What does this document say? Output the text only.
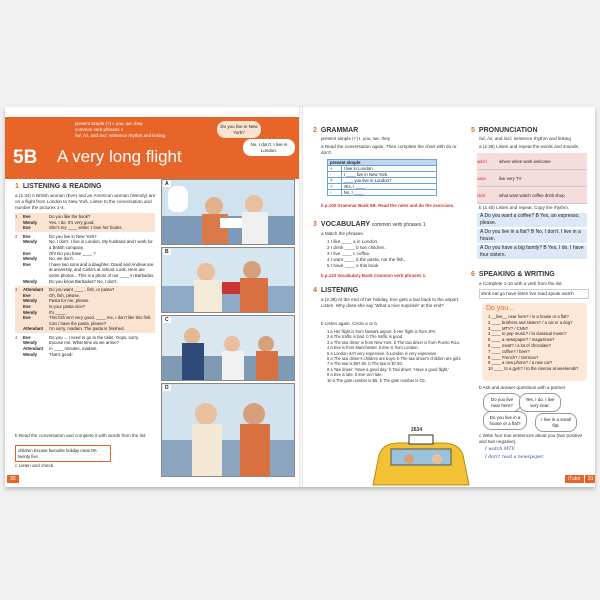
present simple (+) I, you, we, they
common verb phrases 1
/w/, /v/, and /ac/; sentence rhythm and linking
5B A very long flight
Do you live in New York?
No, I don't. I live in London.
1 LISTENING & READING
a (2.34) A British woman (Eve) and an American woman (Wendy) are on a flight from London to New York. Listen to the conversation and number the pictures 1-4.
1	Eve	Do you like the book?
Wendy	Yes, I do. It's very good.
Eve	She's my ____ writer. I love her books.
2	Eve	Do you live in New York?
Wendy	No, I don't. I live in London. My husband and I work for a British company.
Eve	Oh! Do you have ____ ?
Wendy	No, we don't.
Eve	I have two sons and a daughter. David and Andrew are at university, and Carla's at school. Look. Here are some photos... This is a photo of our ____ in Barbados.
Wendy	Do you know Barbados? No, I don't.
3	Attendant	Do you want ____ , fish, or pasta?
Eve	Oh, fish, please.
Wendy	Pasta for me, please.
Eve	Is your pasta nice?
Wendy	It's ____ .
Eve	This fish isn't very good. ____ me, I don't like this fish. Can I have the pasta, please?
Attendant	I'm sorry, madam. The pasta is finished.
4	Eve	Do you ... I need to go to the toilet. Oops, sorry.
Wendy	Excuse me. What time do we arrive?
Attendant	In ____ minutes, madam.
Wendy	That's good!
b Read the conversation and complete it with words from the list.
children Excuse favourite holiday meat OK twenty five
c Listen and check.
A
B
C
D
30
2 GRAMMAR
present simple (+) I, you, we, they
a Read the conversation again. Then complete the chart with do or don't.
present simple	
+	I live in London.
-	I ____ live in New York.
?	____ you live in London?
+	Yes, I ____ .
-	No, I ____ .
b p.100 Grammar Bank 5B. Read the rules and do the exercises.
3 VOCABULARY common verb phrases 1
a Match the phrases.
1 I like ____ a in London.
2 I drink ____ b two children.
3 I live ____ c coffee.
4 I want ____ d the pasta, not the fish.
5 I have ____ e this book.
b p.123 Vocabulary Bank Common verb phrases 1.
4 LISTENING
a (2.38) At the end of her holiday, Eve gets a taxi back to the airport. Listen. Why does she say 'What a nice surprise!' at the end?
b Listen again. Circle a or b.
1 a Her flight is from Newark airport. b Her flight is from JFK.
2 a The traffic is bad. b The traffic is good.
3 a The taxi driver is from New York. b The taxi driver is from Puerto Rico.
4 a Eve is from Manchester. b Eve is from London.
5 a London isn't very expensive. b London is very expensive.
6 a The taxi driver's children are boys. b The taxi driver's children are girls.
7 a The taxi is $87.50. b The taxi is $7.50.
8 a Taxi driver: 'Have a good day.' b Taxi driver: 'Have a good flight.'
9 a Eve is late. b Eve isn't late.
10 a The gate number is B5. b The gate number is C5.
2634
5 PRONUNCIATION
/w/, /v/, and /ac/; sentence rhythm and linking
a (2.39) Listen and repeat the words and sounds.
witch	where when work welcome
vase	live very TV
click	what want watch coffee drink shop
b (2.40) Listen and repeat. Copy the rhythm.
A Do you want a coffee? B Yes, an espresso, please.
A Do you live in a flat? B No, I don't. I live in a house.
A Do you have a big family? B Yes, I do. I have four sisters.
6 SPEAKING & WRITING
a Complete 1-10 with a verb from the list.
drink eat go have listen live read speak watch
Do you...
1 __live__ near here? / in a house or a flat?
2 ____ brothers and sisters? / a cat or a dog?
3 ____ MTV? / CNN?
4 ____ to pop music? / to classical music?
5 ____ a newspaper? / magazines?
6 ____ meat? / a lot of chocolate?
7 ____ coffee? / beer?
8 ____ French? / German?
9 ____ a new phone? / a new car?
10 ____ to a gym? / to the cinema at weekends?
b Ask and answer questions with a partner.
Do you live near here?
Yes, I do. I live very near.
Do you live in a house or a flat?
I live in a small flat.
c Write four true sentences about you (two positive and two negative).
I watch MTV.
I don't read a newspaper.
iTutor	31
